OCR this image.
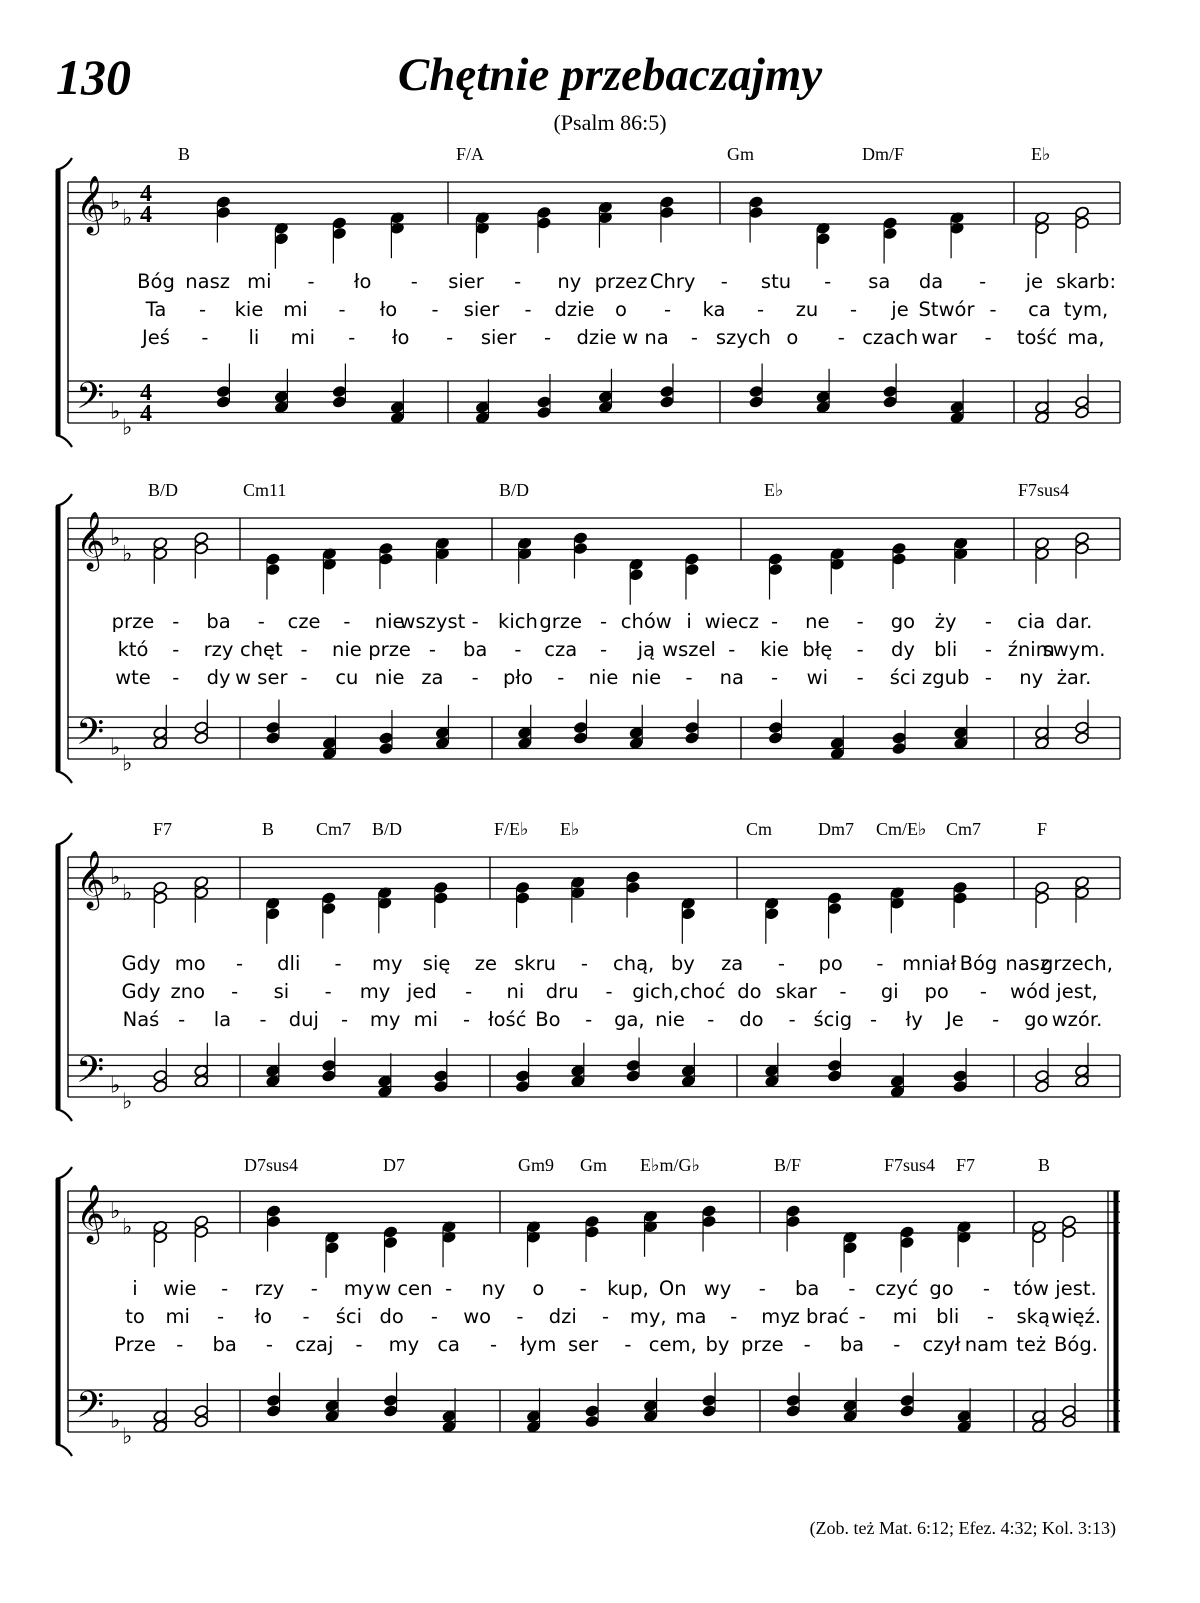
130	Chętnie przebaczajmy
(Psalm 86:5)
𝄞
𝄢
♭
♭
♭
♭
4
4
4
4
𝄞
𝄢
♭
♭
♭
♭
𝄞
𝄢
♭
♭
♭
♭
𝄞
𝄢
♭
♭
♭
♭
B	F/A	Gm	Dm/F	E♭
Bóg nasz mi - ło - sier - ny przez Chry - stu - sa da - je skarb:
Ta - kie mi - ło - sier - dzie o - ka - zu - je Stwór - ca tym,
Jeś - li mi - ło - sier - dzie w na - szych o - czach war - tość ma,
B/D	Cm11	B/D	E♭	F7sus4
prze - ba - cze - nie
wszyst - kich grze - chów i wiecz - ne - go ży - cia dar.
któ - rzy chęt - nie prze - ba - cza - ją wszel - kie błę - dy bli - źnim
swym.
wte - dy w ser - cu nie za - pło - nie nie - na - wi - ści zgub - ny żar.
F7	B Cm7 B/D	F/E♭ E♭	Cm	Dm7 Cm/E♭ Cm7	F
Gdy mo - dli - my się ze skru - chą, by za - po - mniał Bóg nasz
grzech,
Gdy zno - si - my jed - ni dru - gich, choć do skar - gi po - wód jest,
Naś - la - duj - my mi - łość Bo - ga, nie - do - ścig - ły Je - go wzór.
D7sus4	D7	Gm9 Gm E♭m/G♭	B/F	F7sus4 F7	B
i wie - rzy - my w cen - ny o - kup, On wy - ba - czyć go - tów jest.
to mi - ło - ści do - wo - dzi - my, ma - my
z brać - mi bli - ską więź.
Prze - ba - czaj - my ca - łym ser - cem, by prze - ba - czył nam też Bóg.
(Zob. też Mat. 6:12; Efez. 4:32; Kol. 3:13)
